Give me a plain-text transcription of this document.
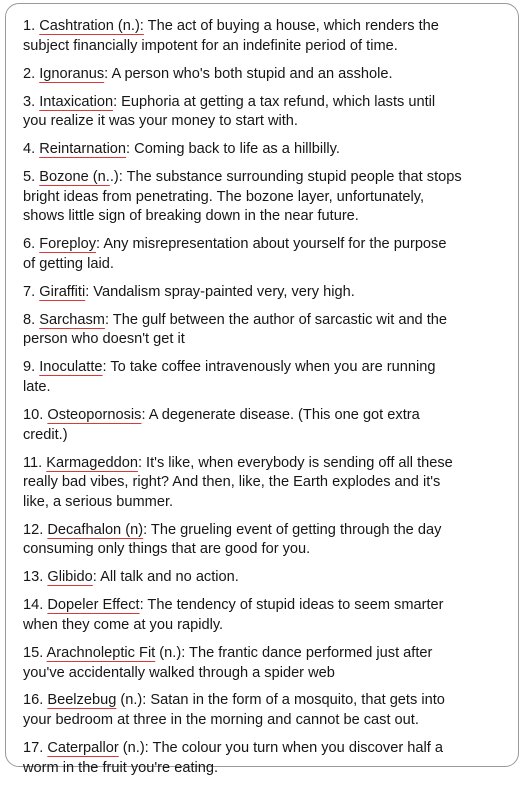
1. Cashtration (n.): The act of buying a house, which renders the
subject financially impotent for an indefinite period of time.
2. Ignoranus: A person who's both stupid and an asshole.
3. Intaxication: Euphoria at getting a tax refund, which lasts until
you realize it was your money to start with.
4. Reintarnation: Coming back to life as a hillbilly.
5. Bozone (n..): The substance surrounding stupid people that stops
bright ideas from penetrating. The bozone layer, unfortunately,
shows little sign of breaking down in the near future.
6. Foreploy: Any misrepresentation about yourself for the purpose
of getting laid.
7. Giraffiti: Vandalism spray-painted very, very high.
8. Sarchasm: The gulf between the author of sarcastic wit and the
person who doesn't get it
9. Inoculatte: To take coffee intravenously when you are running
late.
10. Osteopornosis: A degenerate disease. (This one got extra
credit.)
11. Karmageddon: It's like, when everybody is sending off all these
really bad vibes, right? And then, like, the Earth explodes and it's
like, a serious bummer.
12. Decafhalon (n): The grueling event of getting through the day
consuming only things that are good for you.
13. Glibido: All talk and no action.
14. Dopeler Effect: The tendency of stupid ideas to seem smarter
when they come at you rapidly.
15. Arachnoleptic Fit (n.): The frantic dance performed just after
you've accidentally walked through a spider web
16. Beelzebug (n.): Satan in the form of a mosquito, that gets into
your bedroom at three in the morning and cannot be cast out.
17. Caterpallor (n.): The colour you turn when you discover half a
worm in the fruit you're eating.
